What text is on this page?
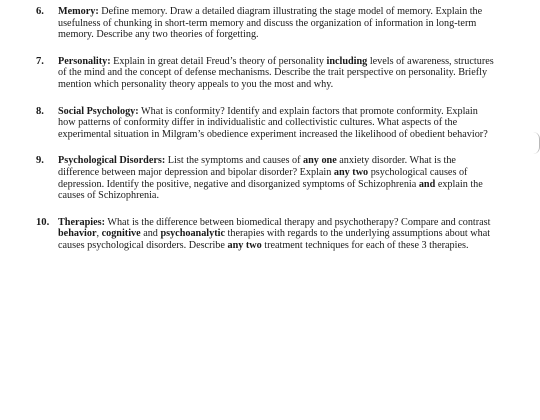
6.	Memory: Define memory. Draw a detailed diagram illustrating the stage model of memory. Explain the usefulness of chunking in short-term memory and discuss the organization of information in long-term memory. Describe any two theories of forgetting.
7.	Personality: Explain in great detail Freud’s theory of personality including levels of awareness, structures of the mind and the concept of defense mechanisms. Describe the trait perspective on personality. Briefly mention which personality theory appeals to you the most and why.
8.	Social Psychology: What is conformity? Identify and explain factors that promote conformity. Explain how patterns of conformity differ in individualistic and collectivistic cultures. What aspects of the experimental situation in Milgram’s obedience experiment increased the likelihood of obedient behavior?
9.	Psychological Disorders: List the symptoms and causes of any one anxiety disorder. What is the difference between major depression and bipolar disorder? Explain any two psychological causes of depression. Identify the positive, negative and disorganized symptoms of Schizophrenia and explain the causes of Schizophrenia.
10. Therapies: What is the difference between biomedical therapy and psychotherapy? Compare and contrast behavior, cognitive and psychoanalytic therapies with regards to the underlying assumptions about what causes psychological disorders. Describe any two treatment techniques for each of these 3 therapies.
